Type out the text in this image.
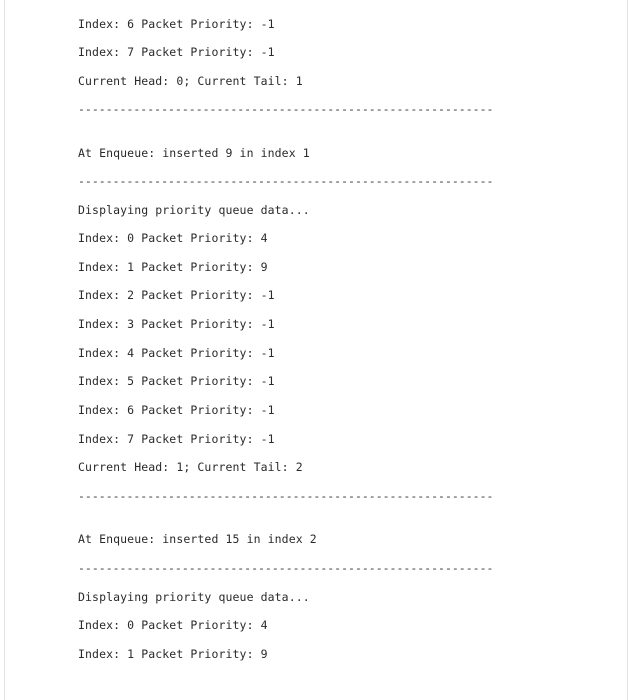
Index: 6 Packet Priority: -1
Index: 7 Packet Priority: -1
Current Head: 0; Current Tail: 1
------------------------------------------------------------
At Enqueue: inserted 9 in index 1
------------------------------------------------------------
Displaying priority queue data...
Index: 0 Packet Priority: 4
Index: 1 Packet Priority: 9
Index: 2 Packet Priority: -1
Index: 3 Packet Priority: -1
Index: 4 Packet Priority: -1
Index: 5 Packet Priority: -1
Index: 6 Packet Priority: -1
Index: 7 Packet Priority: -1
Current Head: 1; Current Tail: 2
------------------------------------------------------------
At Enqueue: inserted 15 in index 2
------------------------------------------------------------
Displaying priority queue data...
Index: 0 Packet Priority: 4
Index: 1 Packet Priority: 9
